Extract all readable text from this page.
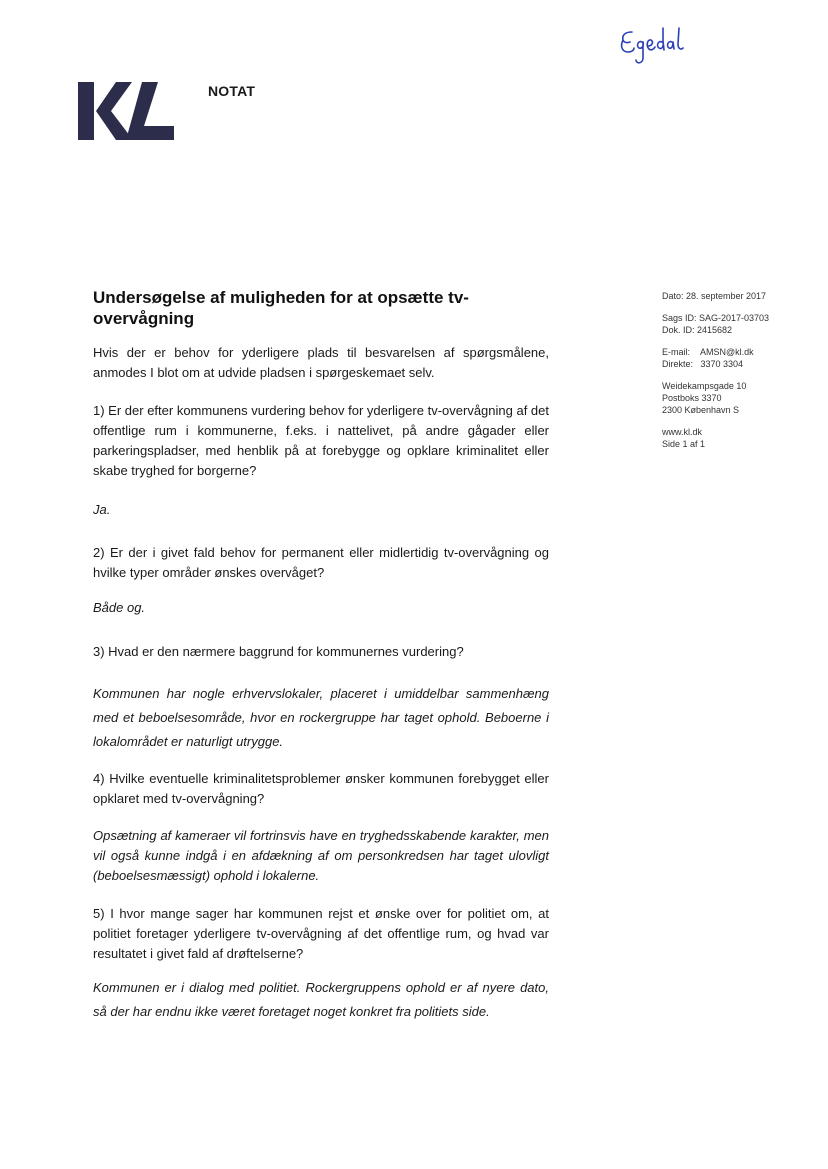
NOTAT
Dato: 28. september 2017
Sags ID: SAG-2017-03703
Dok. ID: 2415682
E-mail: AMSN@kl.dk
Direkte: 3370 3304
Weidekampsgade 10
Postboks 3370
2300 København S
www.kl.dk
Side 1 af 1
Undersøgelse af muligheden for at opsætte tv-overvågning
Hvis der er behov for yderligere plads til besvarelsen af spørgsmålene, anmodes I blot om at udvide pladsen i spørgeskemaet selv.
1) Er der efter kommunens vurdering behov for yderligere tv-overvågning af det offentlige rum i kommunerne, f.eks. i nattelivet, på andre gågader eller parkeringspladser, med henblik på at forebygge og opklare kriminalitet eller skabe tryghed for borgerne?
Ja.
2) Er der i givet fald behov for permanent eller midlertidig tv-overvågning og hvilke typer områder ønskes overvåget?
Både og.
3) Hvad er den nærmere baggrund for kommunernes vurdering?
Kommunen har nogle erhvervslokaler, placeret i umiddelbar sammenhæng med et beboelsesområde, hvor en rockergruppe har taget ophold. Beboerne i lokalområdet er naturligt utrygge.
4) Hvilke eventuelle kriminalitetsproblemer ønsker kommunen forebygget eller opklaret med tv-overvågning?
Opsætning af kameraer vil fortrinsvis have en tryghedsskabende karakter, men vil også kunne indgå i en afdækning af om personkredsen har taget ulovligt (beboelsesmæssigt) ophold i lokalerne.
5) I hvor mange sager har kommunen rejst et ønske over for politiet om, at politiet foretager yderligere tv-overvågning af det offentlige rum, og hvad var resultatet i givet fald af drøftelserne?
Kommunen er i dialog med politiet. Rockergruppens ophold er af nyere dato, så der har endnu ikke været foretaget noget konkret fra politiets side.
